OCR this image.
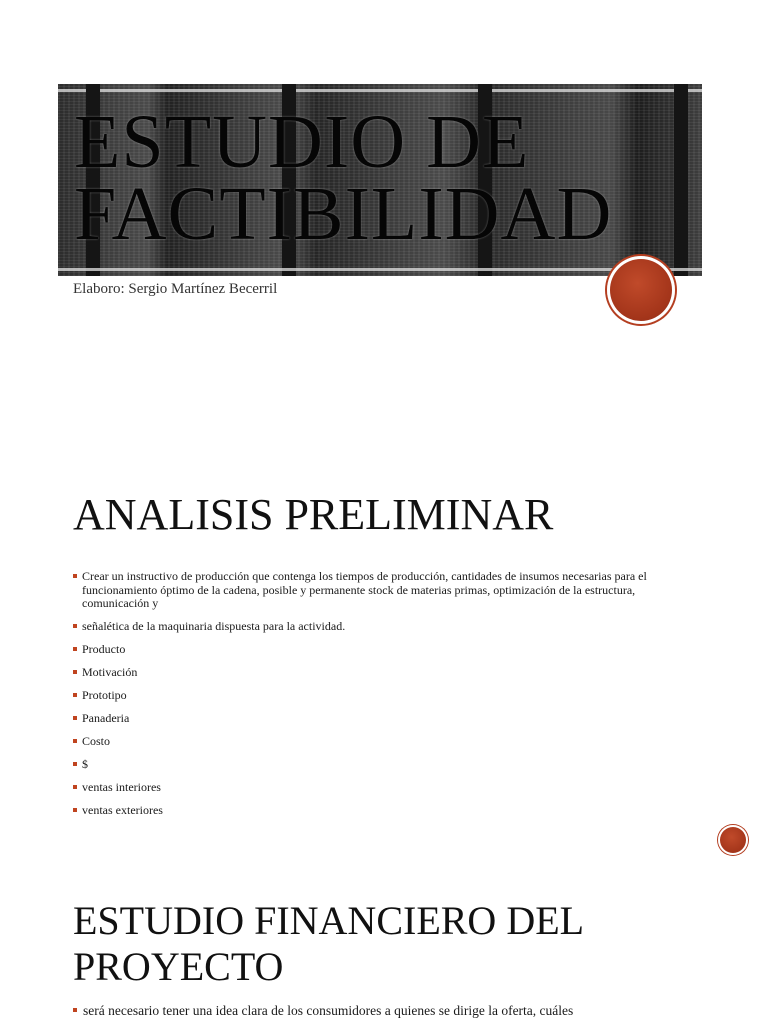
ESTUDIO DE
FACTIBILIDAD
Elaboro: Sergio Martínez Becerril
ANALISIS PRELIMINAR
Crear un instructivo de producción que contenga los tiempos de producción, cantidades de insumos necesarias para el funcionamiento óptimo de la cadena, posible y permanente stock de materias primas, optimización de la estructura, comunicación y
señalética de la maquinaria dispuesta para la actividad.
Producto
Motivación
Prototipo
Panaderia
Costo
$
ventas interiores
ventas exteriores
ESTUDIO FINANCIERO DEL PROYECTO
será necesario tener una idea clara de los consumidores a quienes se dirige la oferta, cuáles
